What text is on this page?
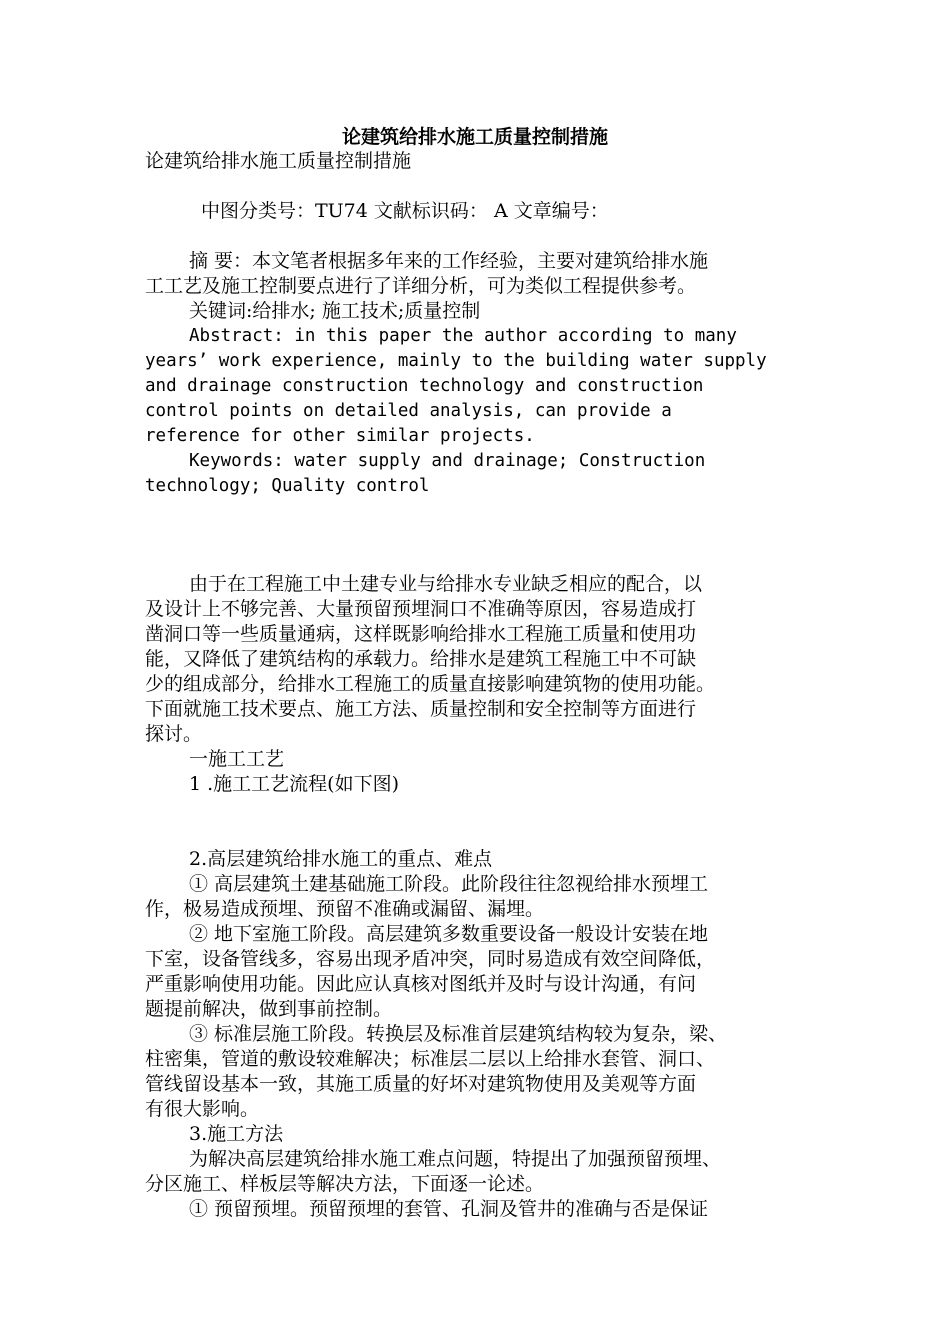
论建筑给排水施工质量控制措施
论建筑给排水施工质量控制措施
中图分类号：TU74 文献标识码： A 文章编号：
摘 要：本文笔者根据多年来的工作经验，主要对建筑给排水施
工工艺及施工控制要点进行了详细分析，可为类似工程提供参考。
关键词:给排水; 施工技术;质量控制
Abstract: in this paper the author according to many
years’ work experience, mainly to the building water supply
and drainage construction technology and construction
control points on detailed analysis, can provide a
reference for other similar projects.
Keywords: water supply and drainage; Construction
technology; Quality control
由于在工程施工中土建专业与给排水专业缺乏相应的配合，以
及设计上不够完善、大量预留预埋洞口不准确等原因，容易造成打
凿洞口等一些质量通病，这样既影响给排水工程施工质量和使用功
能，又降低了建筑结构的承载力。给排水是建筑工程施工中不可缺
少的组成部分，给排水工程施工的质量直接影响建筑物的使用功能。
下面就施工技术要点、施工方法、质量控制和安全控制等方面进行
探讨。
一施工工艺
1 .施工工艺流程(如下图)
2.高层建筑给排水施工的重点、难点
① 高层建筑土建基础施工阶段。此阶段往往忽视给排水预埋工
作，极易造成预埋、预留不准确或漏留、漏埋。
② 地下室施工阶段。高层建筑多数重要设备一般设计安装在地
下室，设备管线多，容易出现矛盾冲突，同时易造成有效空间降低，
严重影响使用功能。因此应认真核对图纸并及时与设计沟通，有问
题提前解决，做到事前控制。
③ 标准层施工阶段。转换层及标准首层建筑结构较为复杂，梁、
柱密集，管道的敷设较难解决；标准层二层以上给排水套管、洞口、
管线留设基本一致，其施工质量的好坏对建筑物使用及美观等方面
有很大影响。
3.施工方法
为解决高层建筑给排水施工难点问题，特提出了加强预留预埋、
分区施工、样板层等解决方法，下面逐一论述。
① 预留预埋。预留预埋的套管、孔洞及管井的准确与否是保证
